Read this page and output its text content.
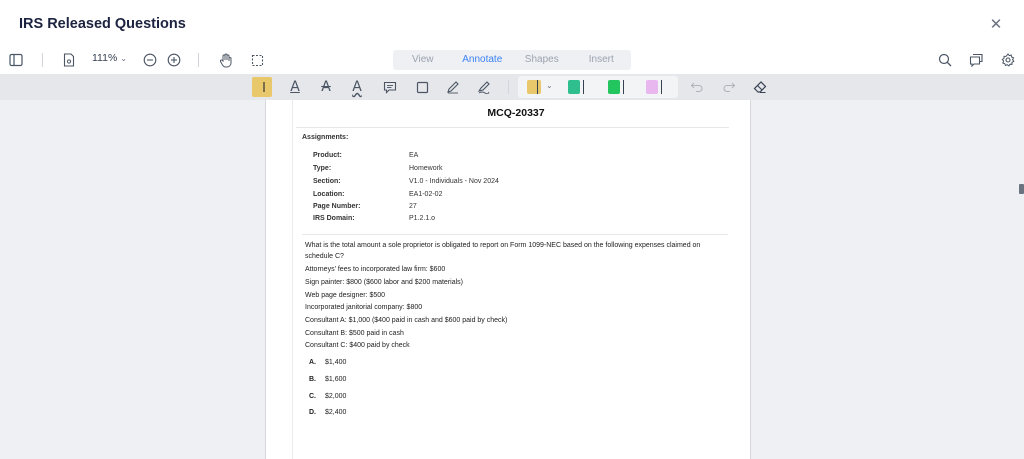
IRS Released Questions	✕
111% ⌄	View	Annotate	Shapes	Insert
A A A	⌄
MCQ-20337
Assignments:
Product:	EA
Type:	Homework
Section:	V1.0 - Individuals - Nov 2024
Location:	EA1-02-02
Page Number:	27
IRS Domain:	P1.2.1.o
What is the total amount a sole proprietor is obligated to report on Form 1099-NEC based on the following expenses claimed on
schedule C?
Attorneys' fees to incorporated law firm: $600
Sign painter: $800 ($600 labor and $200 materials)
Web page designer: $500
Incorporated janitorial company: $800
Consultant A: $1,000 ($400 paid in cash and $600 paid by check)
Consultant B: $500 paid in cash
Consultant C: $400 paid by check
A. $1,400
B. $1,600
C. $2,000
D. $2,400
